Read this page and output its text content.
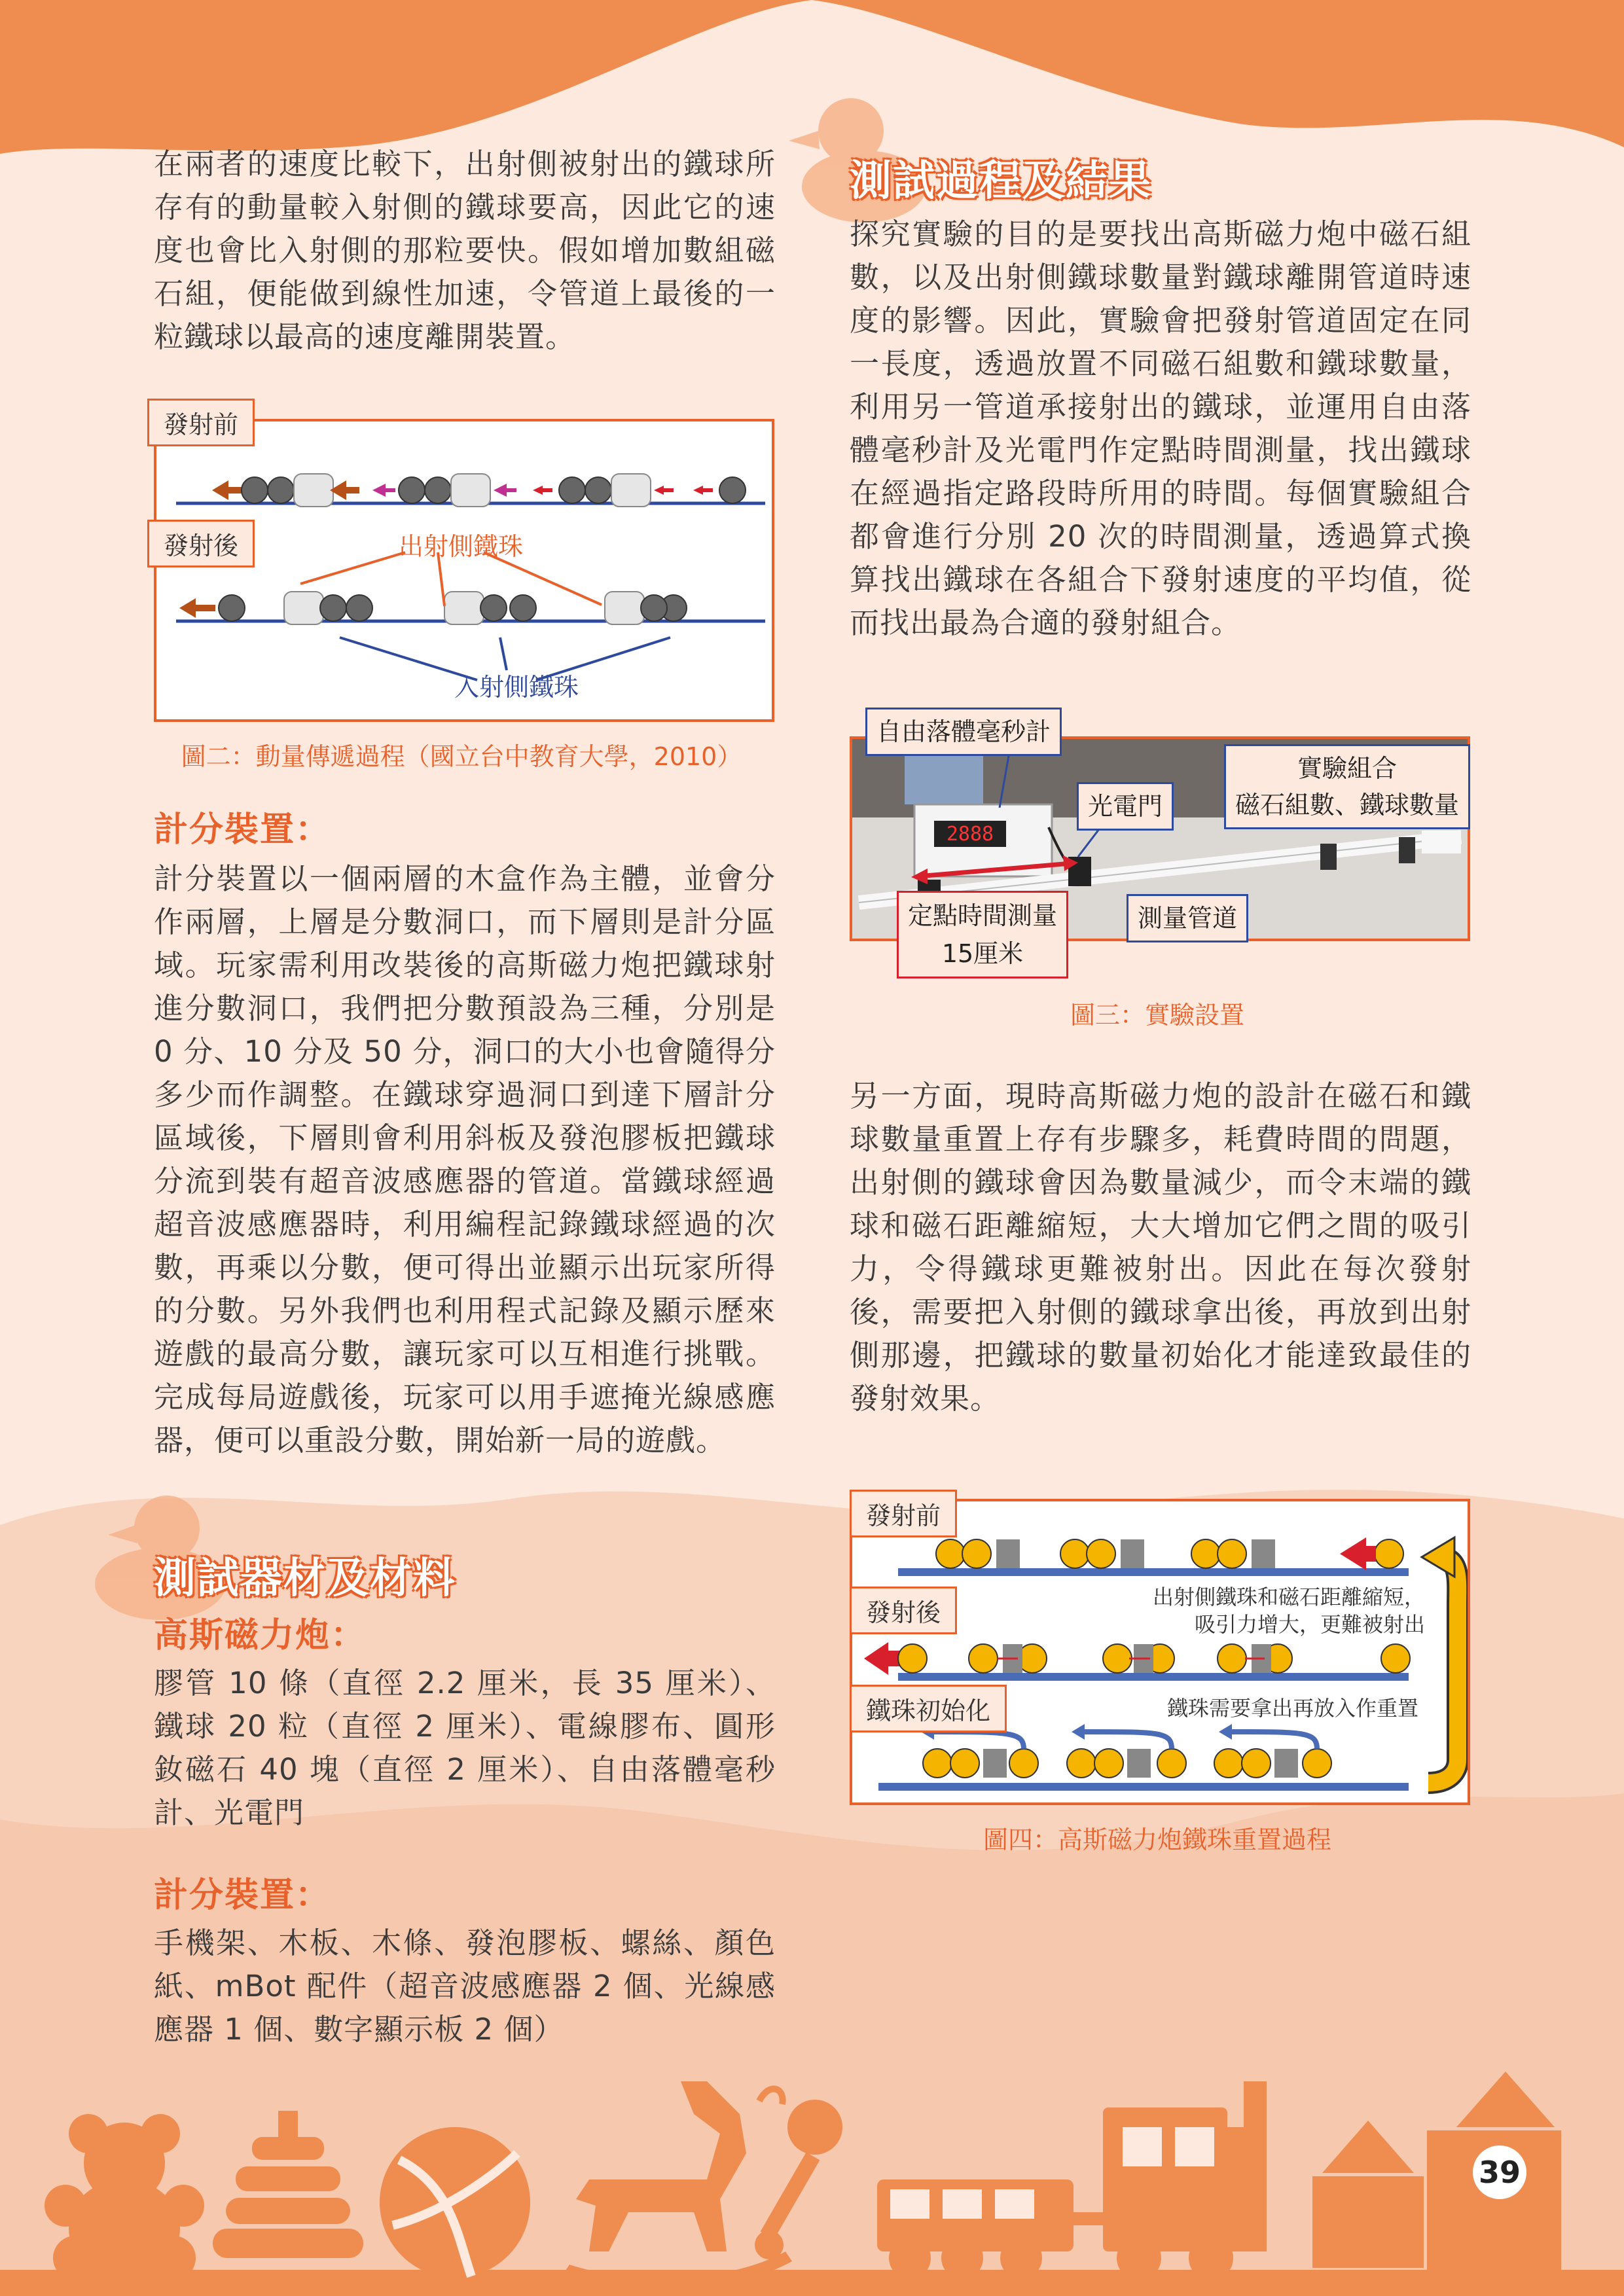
在兩者的速度比較下，出射側被射出的鐵球所存有的動量較入射側的鐵球要高，因此它的速度也會比入射側的那粒要快。假如增加數組磁石組，便能做到線性加速，令管道上最後的一粒鐵球以最高的速度離開裝置。

發射前
發射後	出射側鐵珠
入射側鐵珠
圖二：動量傳遞過程（國立台中教育大學，2010）

計分裝置：

計分裝置以一個兩層的木盒作為主體，並會分作兩層，上層是分數洞口，而下層則是計分區域。玩家需利用改裝後的高斯磁力炮把鐵球射進分數洞口，我們把分數預設為三種，分別是 0 分、10 分及 50 分，洞口的大小也會隨得分多少而作調整。在鐵球穿過洞口到達下層計分區域後，下層則會利用斜板及發泡膠板把鐵球分流到裝有超音波感應器的管道。當鐵球經過超音波感應器時，利用編程記錄鐵球經過的次數，再乘以分數，便可得出並顯示出玩家所得的分數。另外我們也利用程式記錄及顯示歷來遊戲的最高分數，讓玩家可以互相進行挑戰。完成每局遊戲後，玩家可以用手遮掩光線感應器，便可以重設分數，開始新一局的遊戲。

測試器材及材料

高斯磁力炮：

膠管 10 條（直徑 2.2 厘米，長 35 厘米）、鐵球 20 粒（直徑 2 厘米）、電線膠布、圓形釹磁石 40 塊（直徑 2 厘米）、自由落體毫秒計、光電門

計分裝置：

手機架、木板、木條、發泡膠板、螺絲、顏色紙、mBot 配件（超音波感應器 2 個、光線感應器 1 個、數字顯示板 2 個）

測試過程及結果

探究實驗的目的是要找出高斯磁力炮中磁石組數，以及出射側鐵球數量對鐵球離開管道時速度的影響。因此，實驗會把發射管道固定在同一長度，透過放置不同磁石組數和鐵球數量，利用另一管道承接射出的鐵球，並運用自由落體毫秒計及光電門作定點時間測量，找出鐵球在經過指定路段時所用的時間。每個實驗組合都會進行分別 20 次的時間測量，透過算式換算找出鐵球在各組合下發射速度的平均值，從而找出最為合適的發射組合。

2888
自由落體毫秒計
光電門
實驗組合
磁石組數、鐵球數量
定點時間測量
15厘米
測量管道
圖三：實驗設置

另一方面，現時高斯磁力炮的設計在磁石和鐵球數量重置上存有步驟多，耗費時間的問題，出射側的鐵球會因為數量減少，而令末端的鐵球和磁石距離縮短，大大增加它們之間的吸引力，令得鐵球更難被射出。因此在每次發射後，需要把入射側的鐵球拿出後，再放到出射側那邊，把鐵球的數量初始化才能達致最佳的發射效果。

發射前
發射後
鐵珠初始化
出射側鐵珠和磁石距離縮短，
吸引力增大，更難被射出
鐵珠需要拿出再放入作重置
圖四：高斯磁力炮鐵珠重置過程
39
